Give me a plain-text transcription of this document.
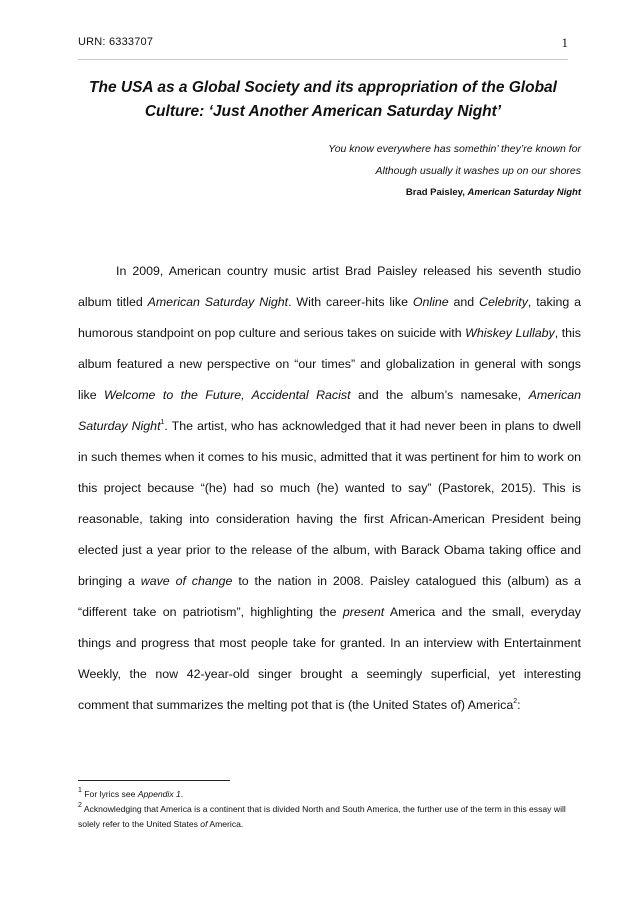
URN: 6333707	1
The USA as a Global Society and its appropriation of the Global
Culture: ‘Just Another American Saturday Night’
You know everywhere has somethin’ they’re known for
Although usually it washes up on our shores
Brad Paisley, American Saturday Night

In 2009, American country music artist Brad Paisley released his seventh studio album titled American Saturday Night. With career-hits like Online and Celebrity, taking a humorous standpoint on pop culture and serious takes on suicide with Whiskey Lullaby, this album featured a new perspective on “our times” and globalization in general with songs like Welcome to the Future, Accidental Racist and the album’s namesake, American Saturday Night$^1$. The artist, who has acknowledged that it had never been in plans to dwell in such themes when it comes to his music, admitted that it was pertinent for him to work on this project because “(he) had so much (he) wanted to say” (Pastorek, 2015). This is reasonable, taking into consideration having the first African-American President being elected just a year prior to the release of the album, with Barack Obama taking office and bringing a wave of change to the nation in 2008. Paisley catalogued this (album) as a “different take on patriotism”, highlighting the present America and the small, everyday things and progress that most people take for granted. In an interview with Entertainment Weekly, the now 42-year-old singer brought a seemingly superficial, yet interesting comment that summarizes the melting pot that is (the United States of) America$^2$:

$^1$ For lyrics see Appendix 1.
$^2$ Acknowledging that America is a continent that is divided North and South America, the further use of the term in this essay will solely refer to the United States of America.
